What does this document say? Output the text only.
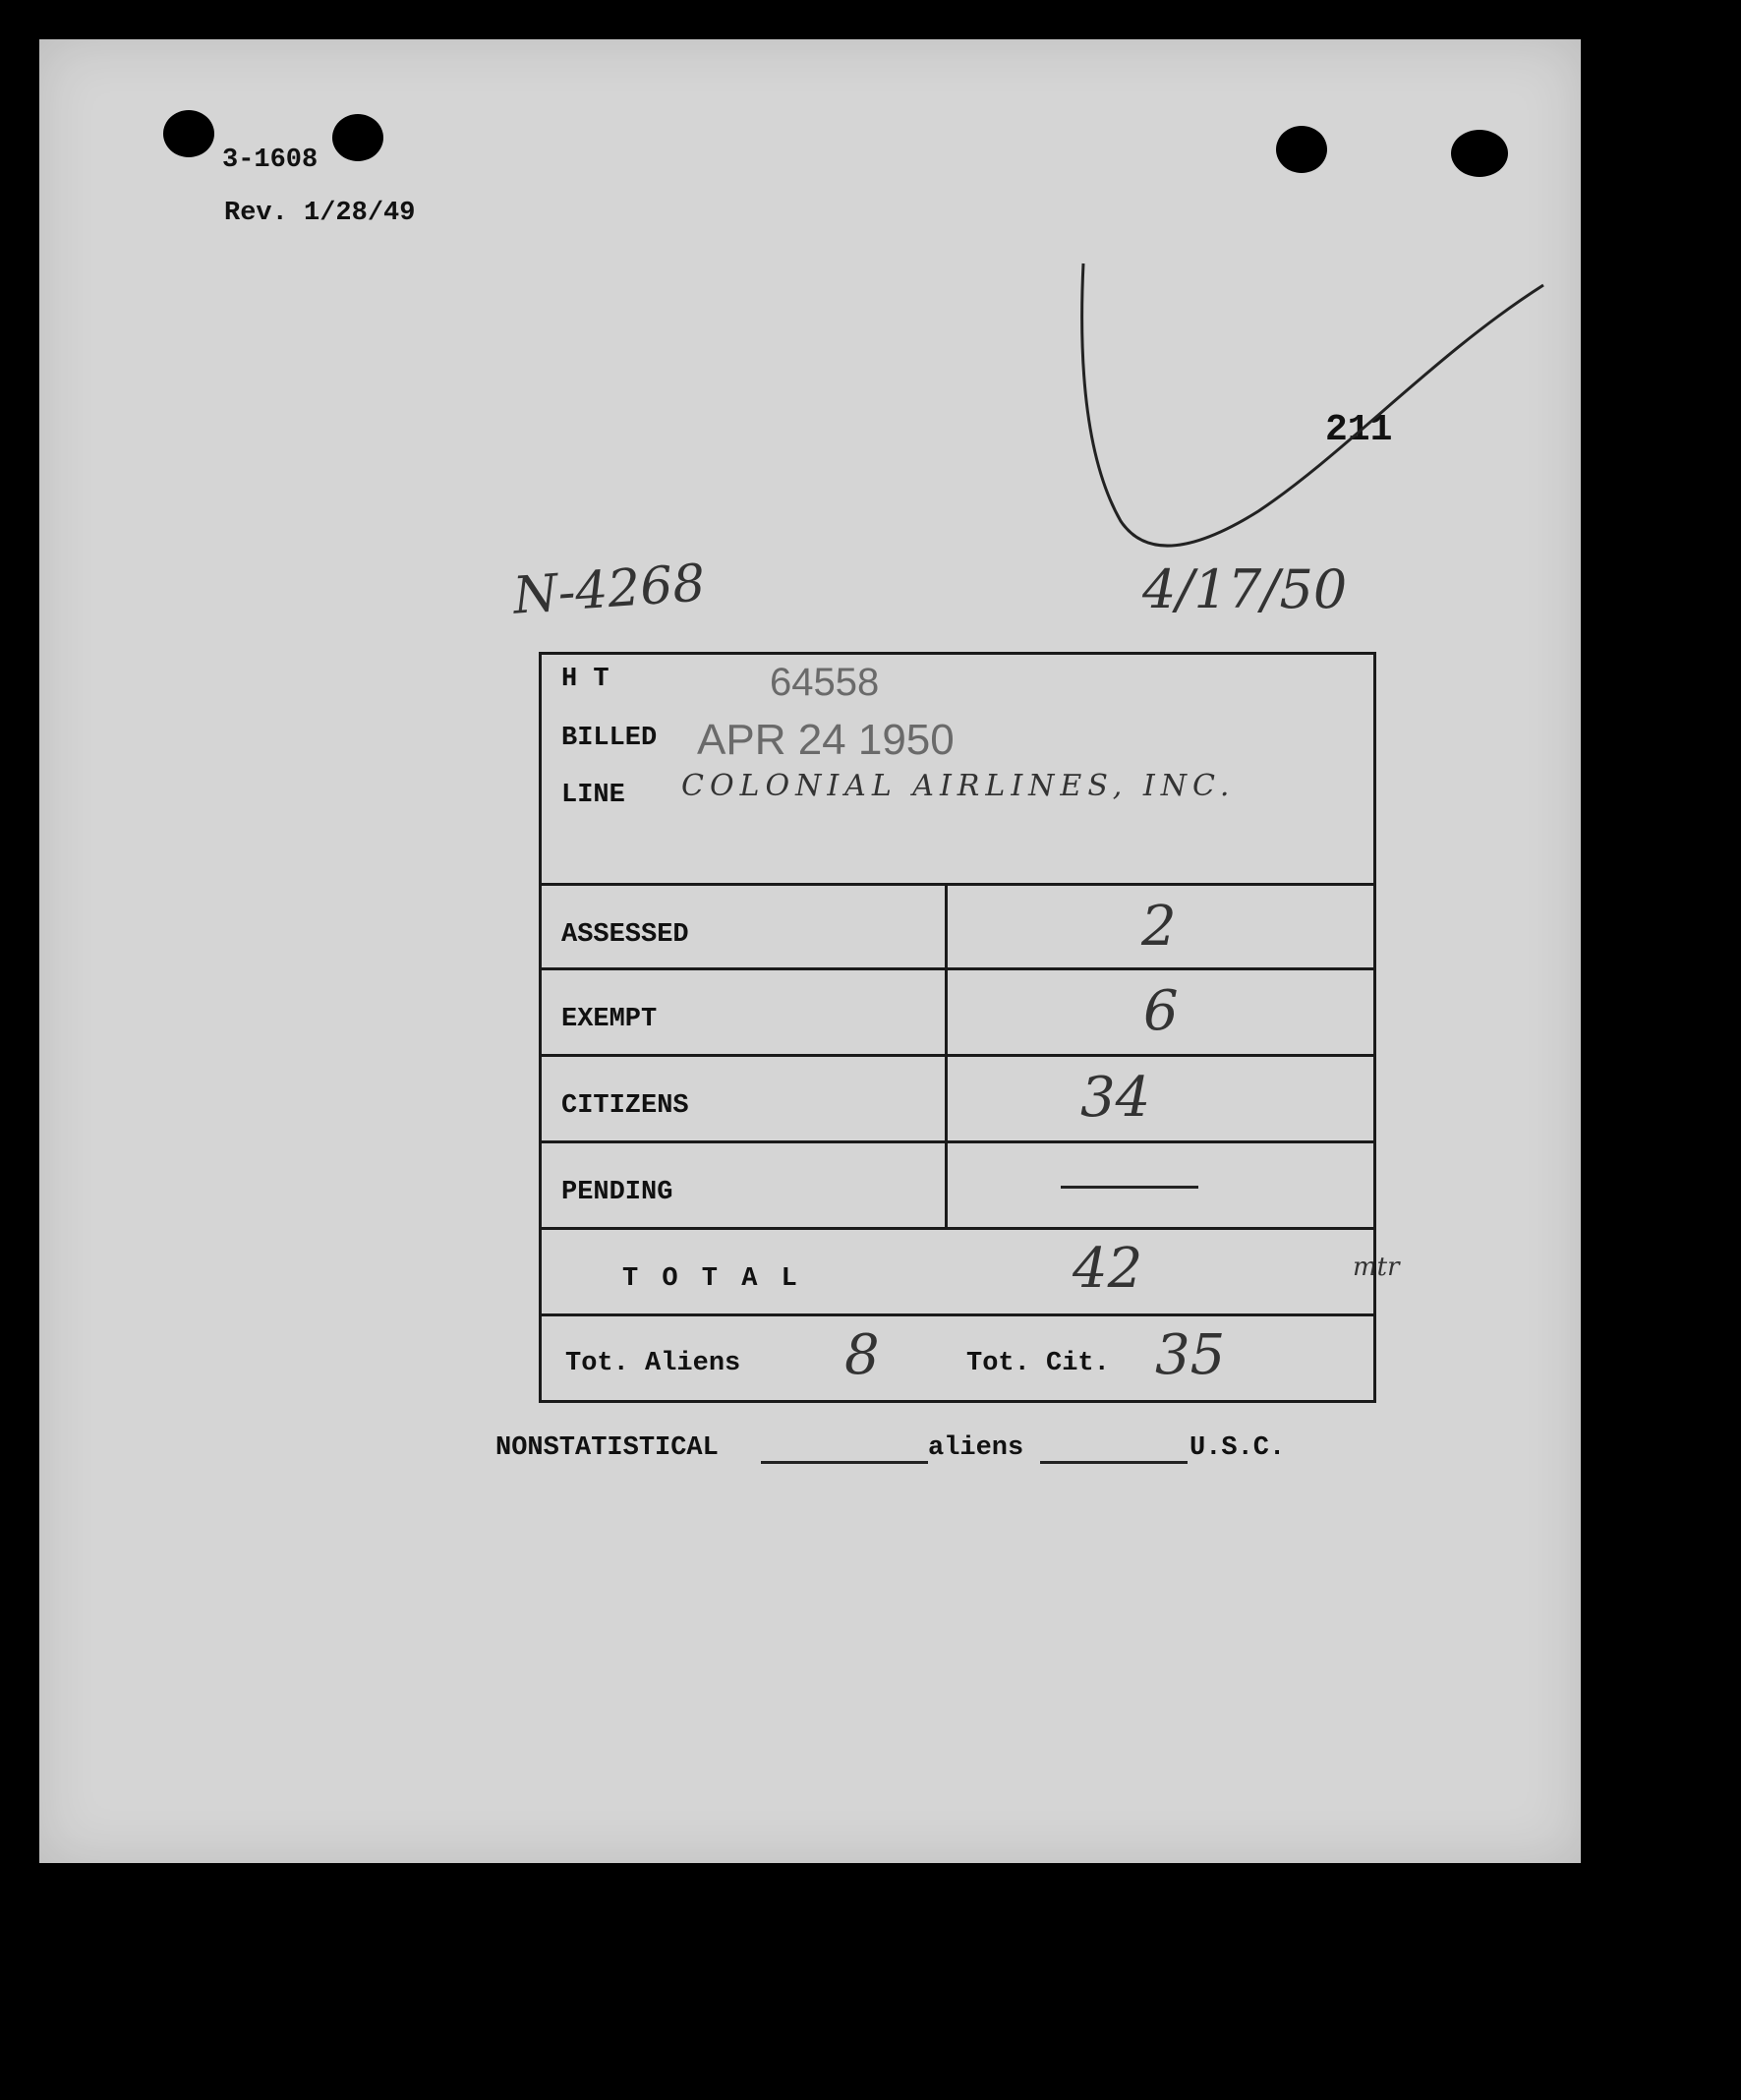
3-1608
Rev. 1/28/49
211
N-4268	4/17/50
mtr
H T	64558
BILLED APR 24 1950
LINE COLONIAL AIRLINES, INC.
ASSESSED	2
EXEMPT	6
CITIZENS	34
PENDING
T O T A L	42
Tot. Aliens 8	Tot. Cit. 35
NONSTATISTICAL	aliens	U.S.C.
